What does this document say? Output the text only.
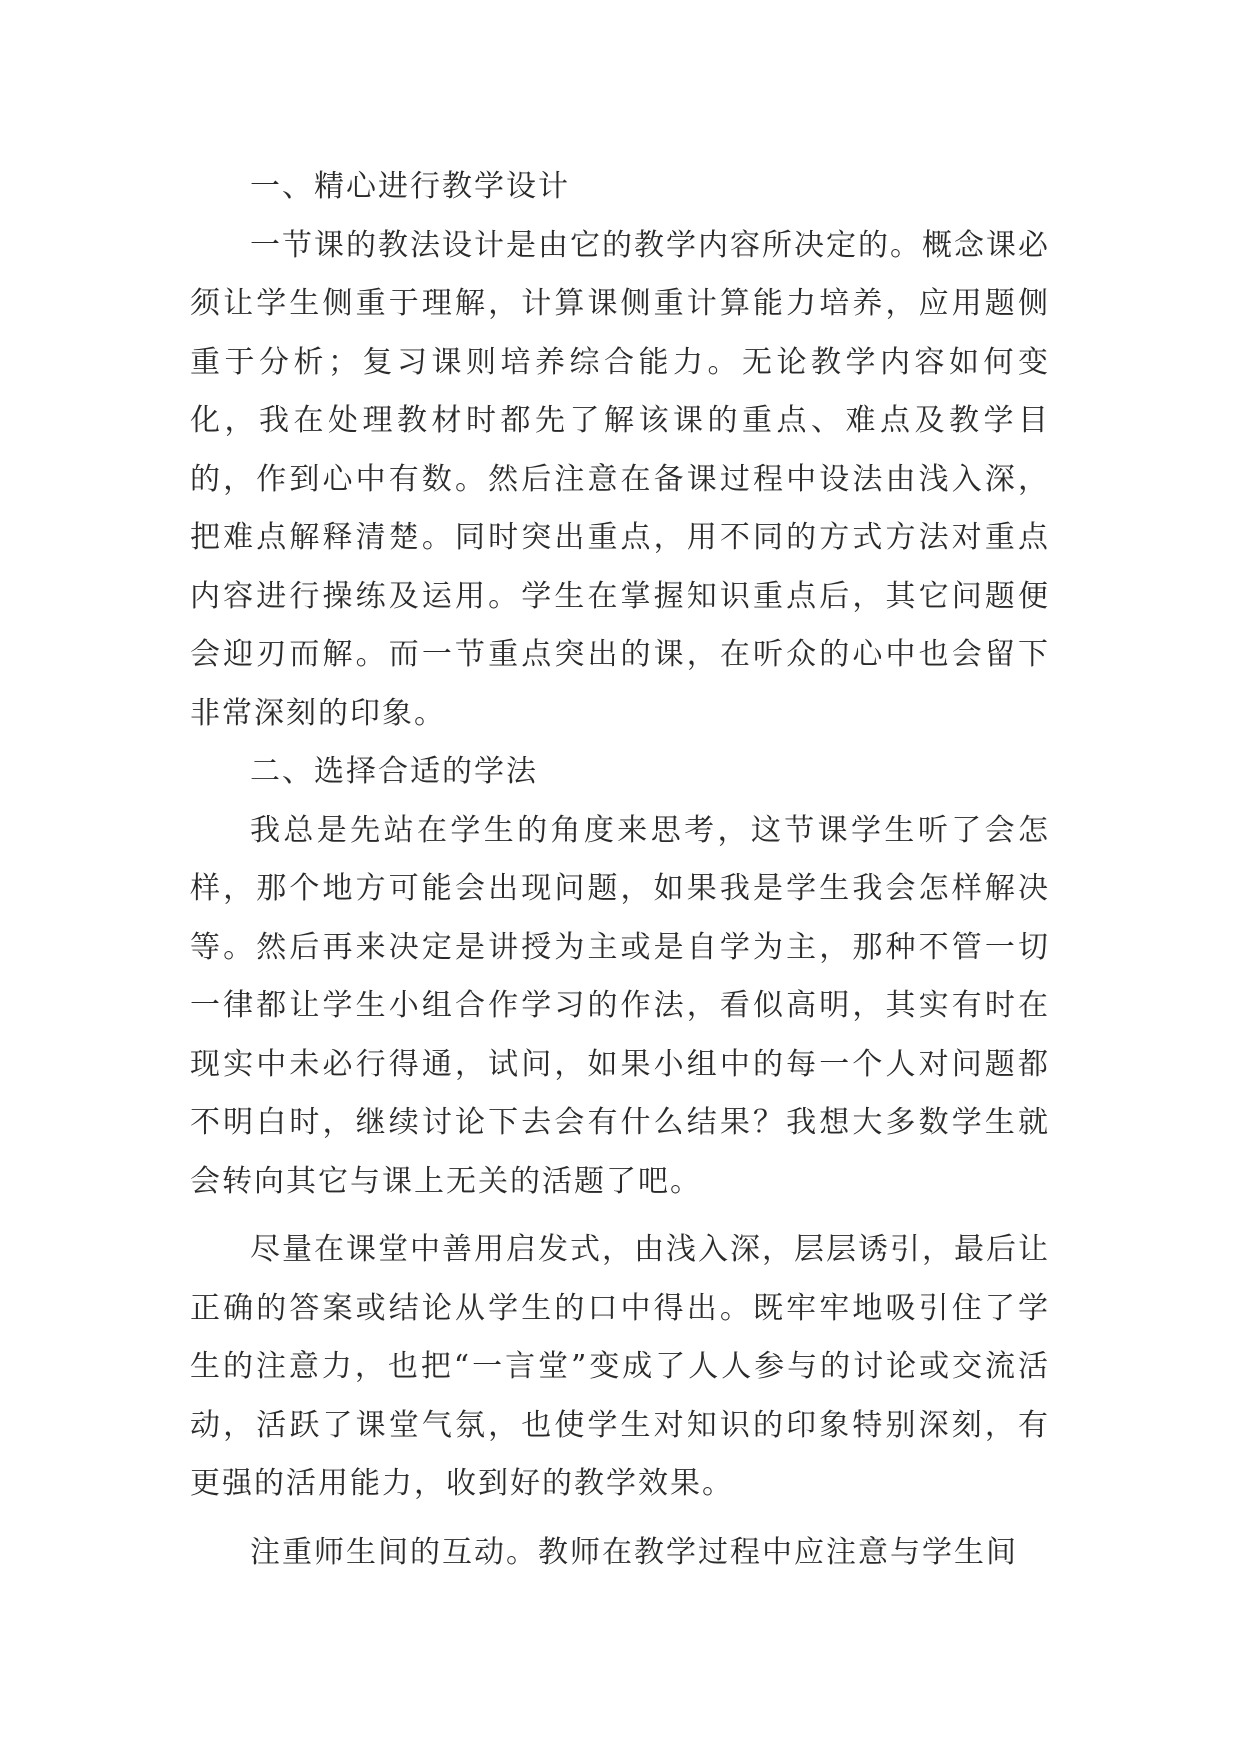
一、精心进行教学设计

一节课的教法设计是由它的教学内容所决定的。概念课必须让学生侧重于理解，计算课侧重计算能力培养，应用题侧重于分析；复习课则培养综合能力。无论教学内容如何变化，我在处理教材时都先了解该课的重点、难点及教学目的，作到心中有数。然后注意在备课过程中设法由浅入深，把难点解释清楚。同时突出重点，用不同的方式方法对重点内容进行操练及运用。学生在掌握知识重点后，其它问题便会迎刃而解。而一节重点突出的课，在听众的心中也会留下非常深刻的印象。

二、选择合适的学法

我总是先站在学生的角度来思考，这节课学生听了会怎样，那个地方可能会出现问题，如果我是学生我会怎样解决等。然后再来决定是讲授为主或是自学为主，那种不管一切一律都让学生小组合作学习的作法，看似高明，其实有时在现实中未必行得通，试问，如果小组中的每一个人对问题都不明白时，继续讨论下去会有什么结果？我想大多数学生就会转向其它与课上无关的活题了吧。

尽量在课堂中善用启发式，由浅入深，层层诱引，最后让正确的答案或结论从学生的口中得出。既牢牢地吸引住了学生的注意力，也把“一言堂”变成了人人参与的讨论或交流活动，活跃了课堂气氛，也使学生对知识的印象特别深刻，有更强的活用能力，收到好的教学效果。

注重师生间的互动。教师在教学过程中应注意与学生间
